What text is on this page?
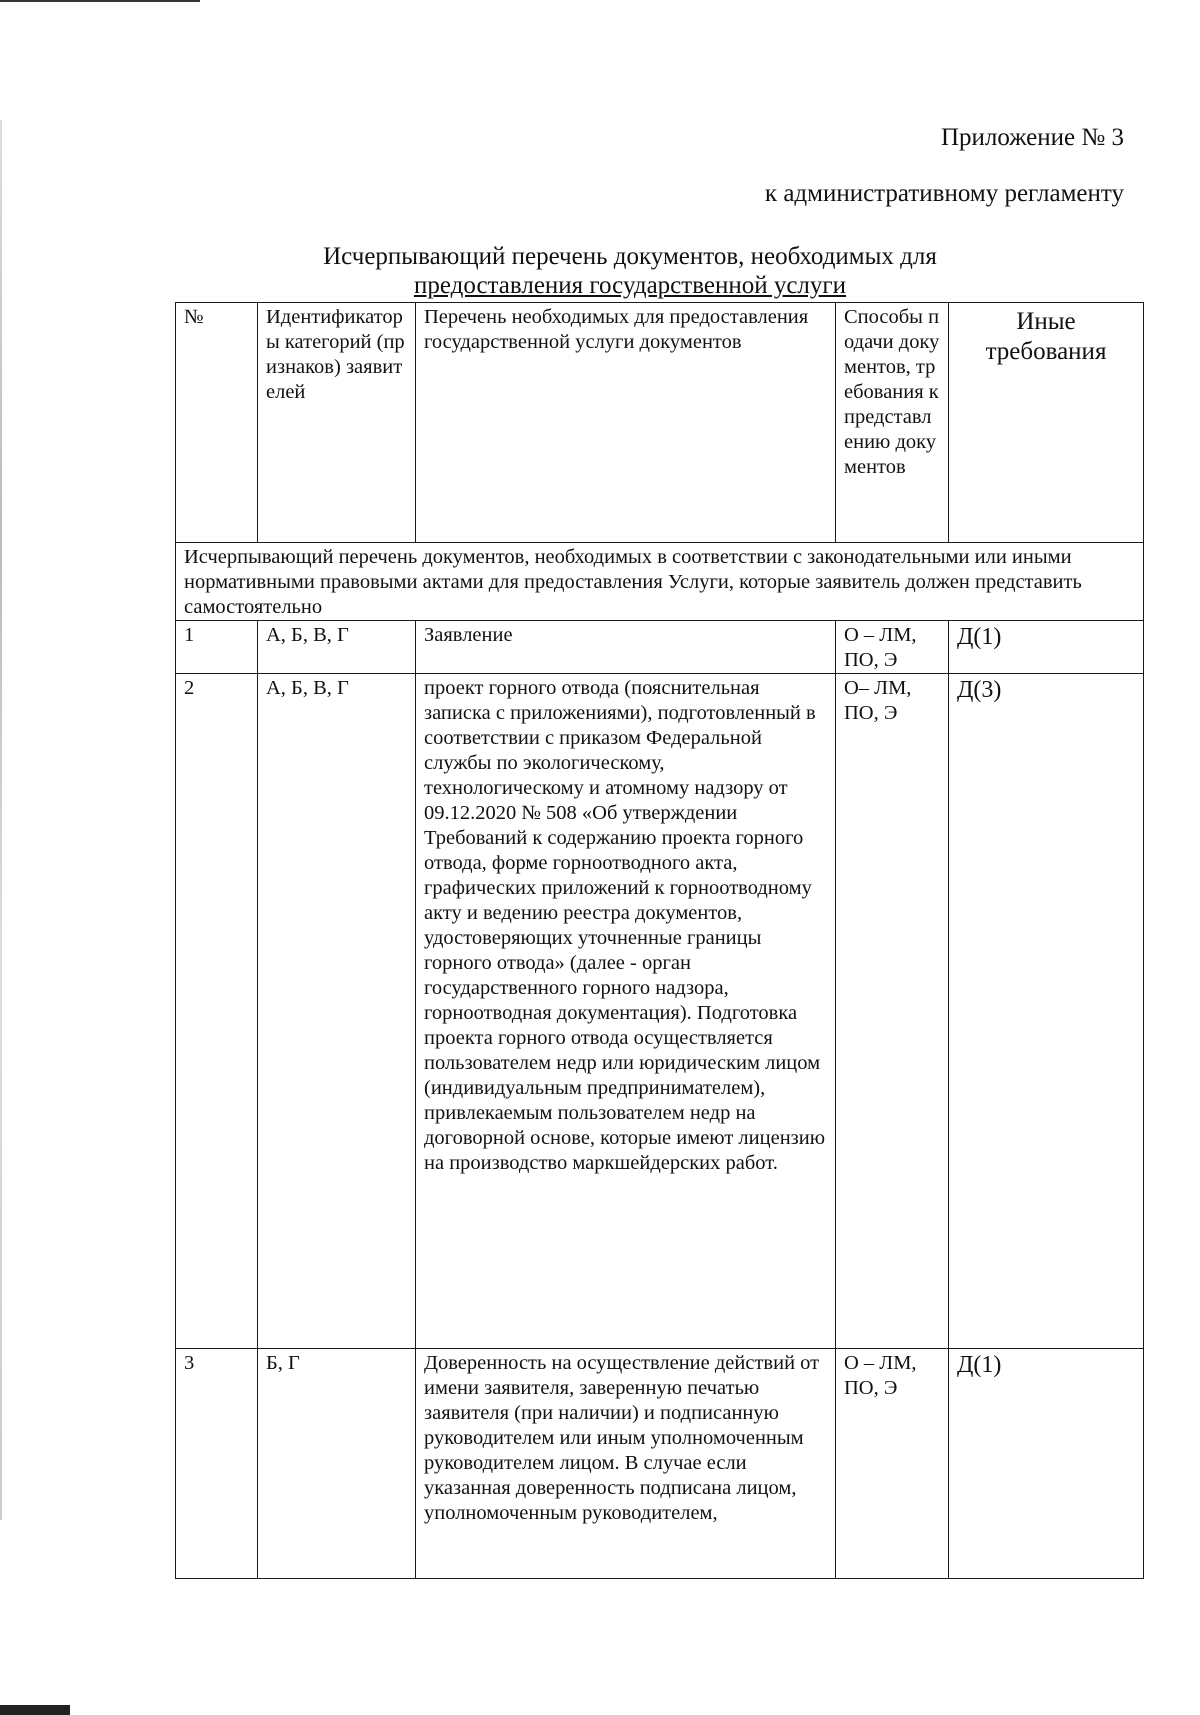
Приложение № 3
к административному регламенту
Исчерпывающий перечень документов, необходимых для
предоставления государственной услуги
№	Идентификаторы категорий (признаков) заявителей	Перечень необходимых для предоставления государственной услуги документов	Способы подачи документов, требования к представлению документов	Иные требования
Исчерпывающий перечень документов, необходимых в соответствии с законодательными или иными нормативными правовыми актами для предоставления Услуги, которые заявитель должен представить самостоятельно				
1	А, Б, В, Г	Заявление	О – ЛМ, ПО, Э	Д(1)
2	А, Б, В, Г	проект горного отвода (пояснительная записка с приложениями), подготовленный в соответствии с приказом Федеральной службы по экологическому, технологическому и атомному надзору от 09.12.2020 № 508 «Об утверждении Требований к содержанию проекта горного отвода, форме горноотводного акта, графических приложений к горноотводному акту и ведению реестра документов, удостоверяющих уточненные границы горного отвода» (далее - орган государственного горного надзора, горноотводная документация). Подготовка проекта горного отвода осуществляется пользователем недр или юридическим лицом (индивидуальным предпринимателем), привлекаемым пользователем недр на договорной основе, которые имеют лицензию на производство маркшейдерских работ.	О– ЛМ, ПО, Э	Д(3)
3	Б, Г	Доверенность на осуществление действий от имени заявителя, заверенную печатью заявителя (при наличии) и подписанную руководителем или иным уполномоченным руководителем лицом. В случае если указанная доверенность подписана лицом, уполномоченным руководителем,	О – ЛМ, ПО, Э	Д(1)
